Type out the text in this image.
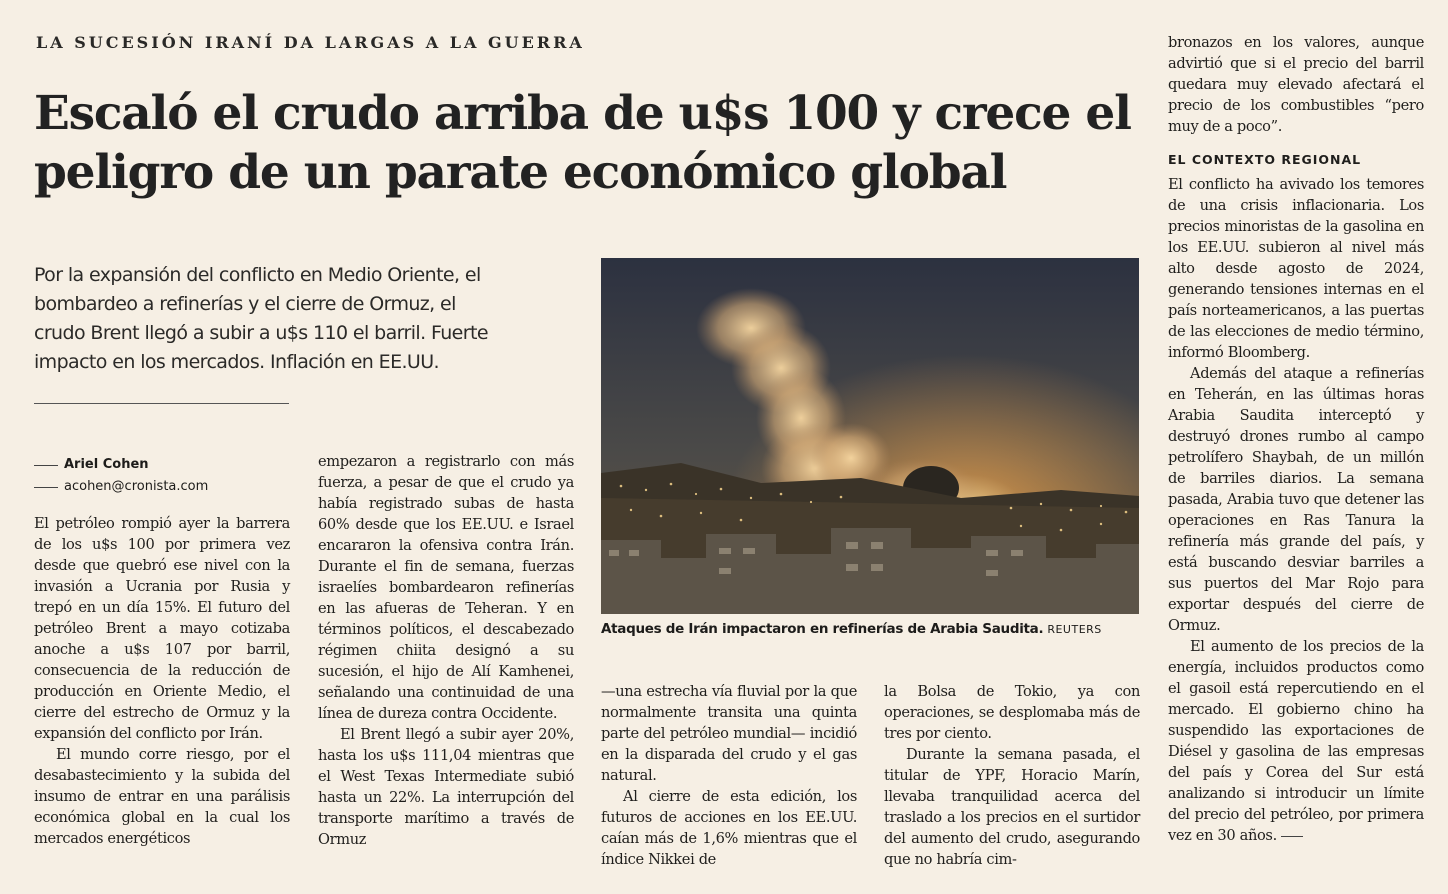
LA SUCESIÓN IRANÍ DA LARGAS A LA GUERRA
Escaló el crudo arriba de u$s 100 y crece el
peligro de un parate económico global
Por la expansión del conflicto en Medio Oriente, el bombardeo a refinerías y el cierre de Ormuz, el crudo Brent llegó a subir a u$s 110 el barril. Fuerte impacto en los mercados. Inflación en EE.UU.
Ariel Cohen
acohen@cronista.com

El petróleo rompió ayer la barrera de los u$s 100 por primera vez desde que quebró ese nivel con la invasión a Ucrania por Rusia y trepó en un día 15%. El futuro del petróleo Brent a mayo cotizaba anoche a u$s 107 por barril, consecuencia de la reducción de producción en Oriente Medio, el cierre del estrecho de Ormuz y la expansión del conflicto por Irán.

El mundo corre riesgo, por el desabastecimiento y la subida del insumo de entrar en una parálisis económica global en la cual los mercados energéticos

empezaron a registrarlo con más fuerza, a pesar de que el crudo ya había registrado subas de hasta 60% desde que los EE.UU. e Israel encararon la ofensiva contra Irán. Durante el fin de semana, fuerzas israelíes bombardearon refinerías en las afueras de Teheran. Y en términos políticos, el descabezado régimen chiita designó a su sucesión, el hijo de Alí Kamhenei, señalando una continuidad de una línea de dureza contra Occidente.

El Brent llegó a subir ayer 20%, hasta los u$s 111,04 mientras que el West Texas Intermediate subió hasta un 22%. La interrupción del transporte marítimo a través de Ormuz

Ataques de Irán impactaron en refinerías de Arabia Saudita. REUTERS

—una estrecha vía fluvial por la que normalmente transita una quinta parte del petróleo mundial— incidió en la disparada del crudo y el gas natural.

Al cierre de esta edición, los futuros de acciones en los EE.UU. caían más de 1,6% mientras que el índice Nikkei de

la Bolsa de Tokio, ya con operaciones, se desplomaba más de tres por ciento.

Durante la semana pasada, el titular de YPF, Horacio Marín, llevaba tranquilidad acerca del traslado a los precios en el surtidor del aumento del crudo, asegurando que no habría cim-

bronazos en los valores, aunque advirtió que si el precio del barril quedara muy elevado afectará el precio de los combustibles “pero muy de a poco”.

EL CONTEXTO REGIONAL

El conflicto ha avivado los temores de una crisis inflacionaria. Los precios minoristas de la gasolina en los EE.UU. subieron al nivel más alto desde agosto de 2024, generando tensiones internas en el país norteamericanos, a las puertas de las elecciones de medio término, informó Bloomberg.

Además del ataque a refinerías en Teherán, en las últimas horas Arabia Saudita interceptó y destruyó drones rumbo al campo petrolífero Shaybah, de un millón de barriles diarios. La semana pasada, Arabia tuvo que detener las operaciones en Ras Tanura la refinería más grande del país, y está buscando desviar barriles a sus puertos del Mar Rojo para exportar después del cierre de Ormuz.

El aumento de los precios de la energía, incluidos productos como el gasoil está repercutiendo en el mercado. El gobierno chino ha suspendido las exportaciones de Diésel y gasolina de las empresas del país y Corea del Sur está analizando si introducir un límite del precio del petróleo, por primera vez en 30 años.
